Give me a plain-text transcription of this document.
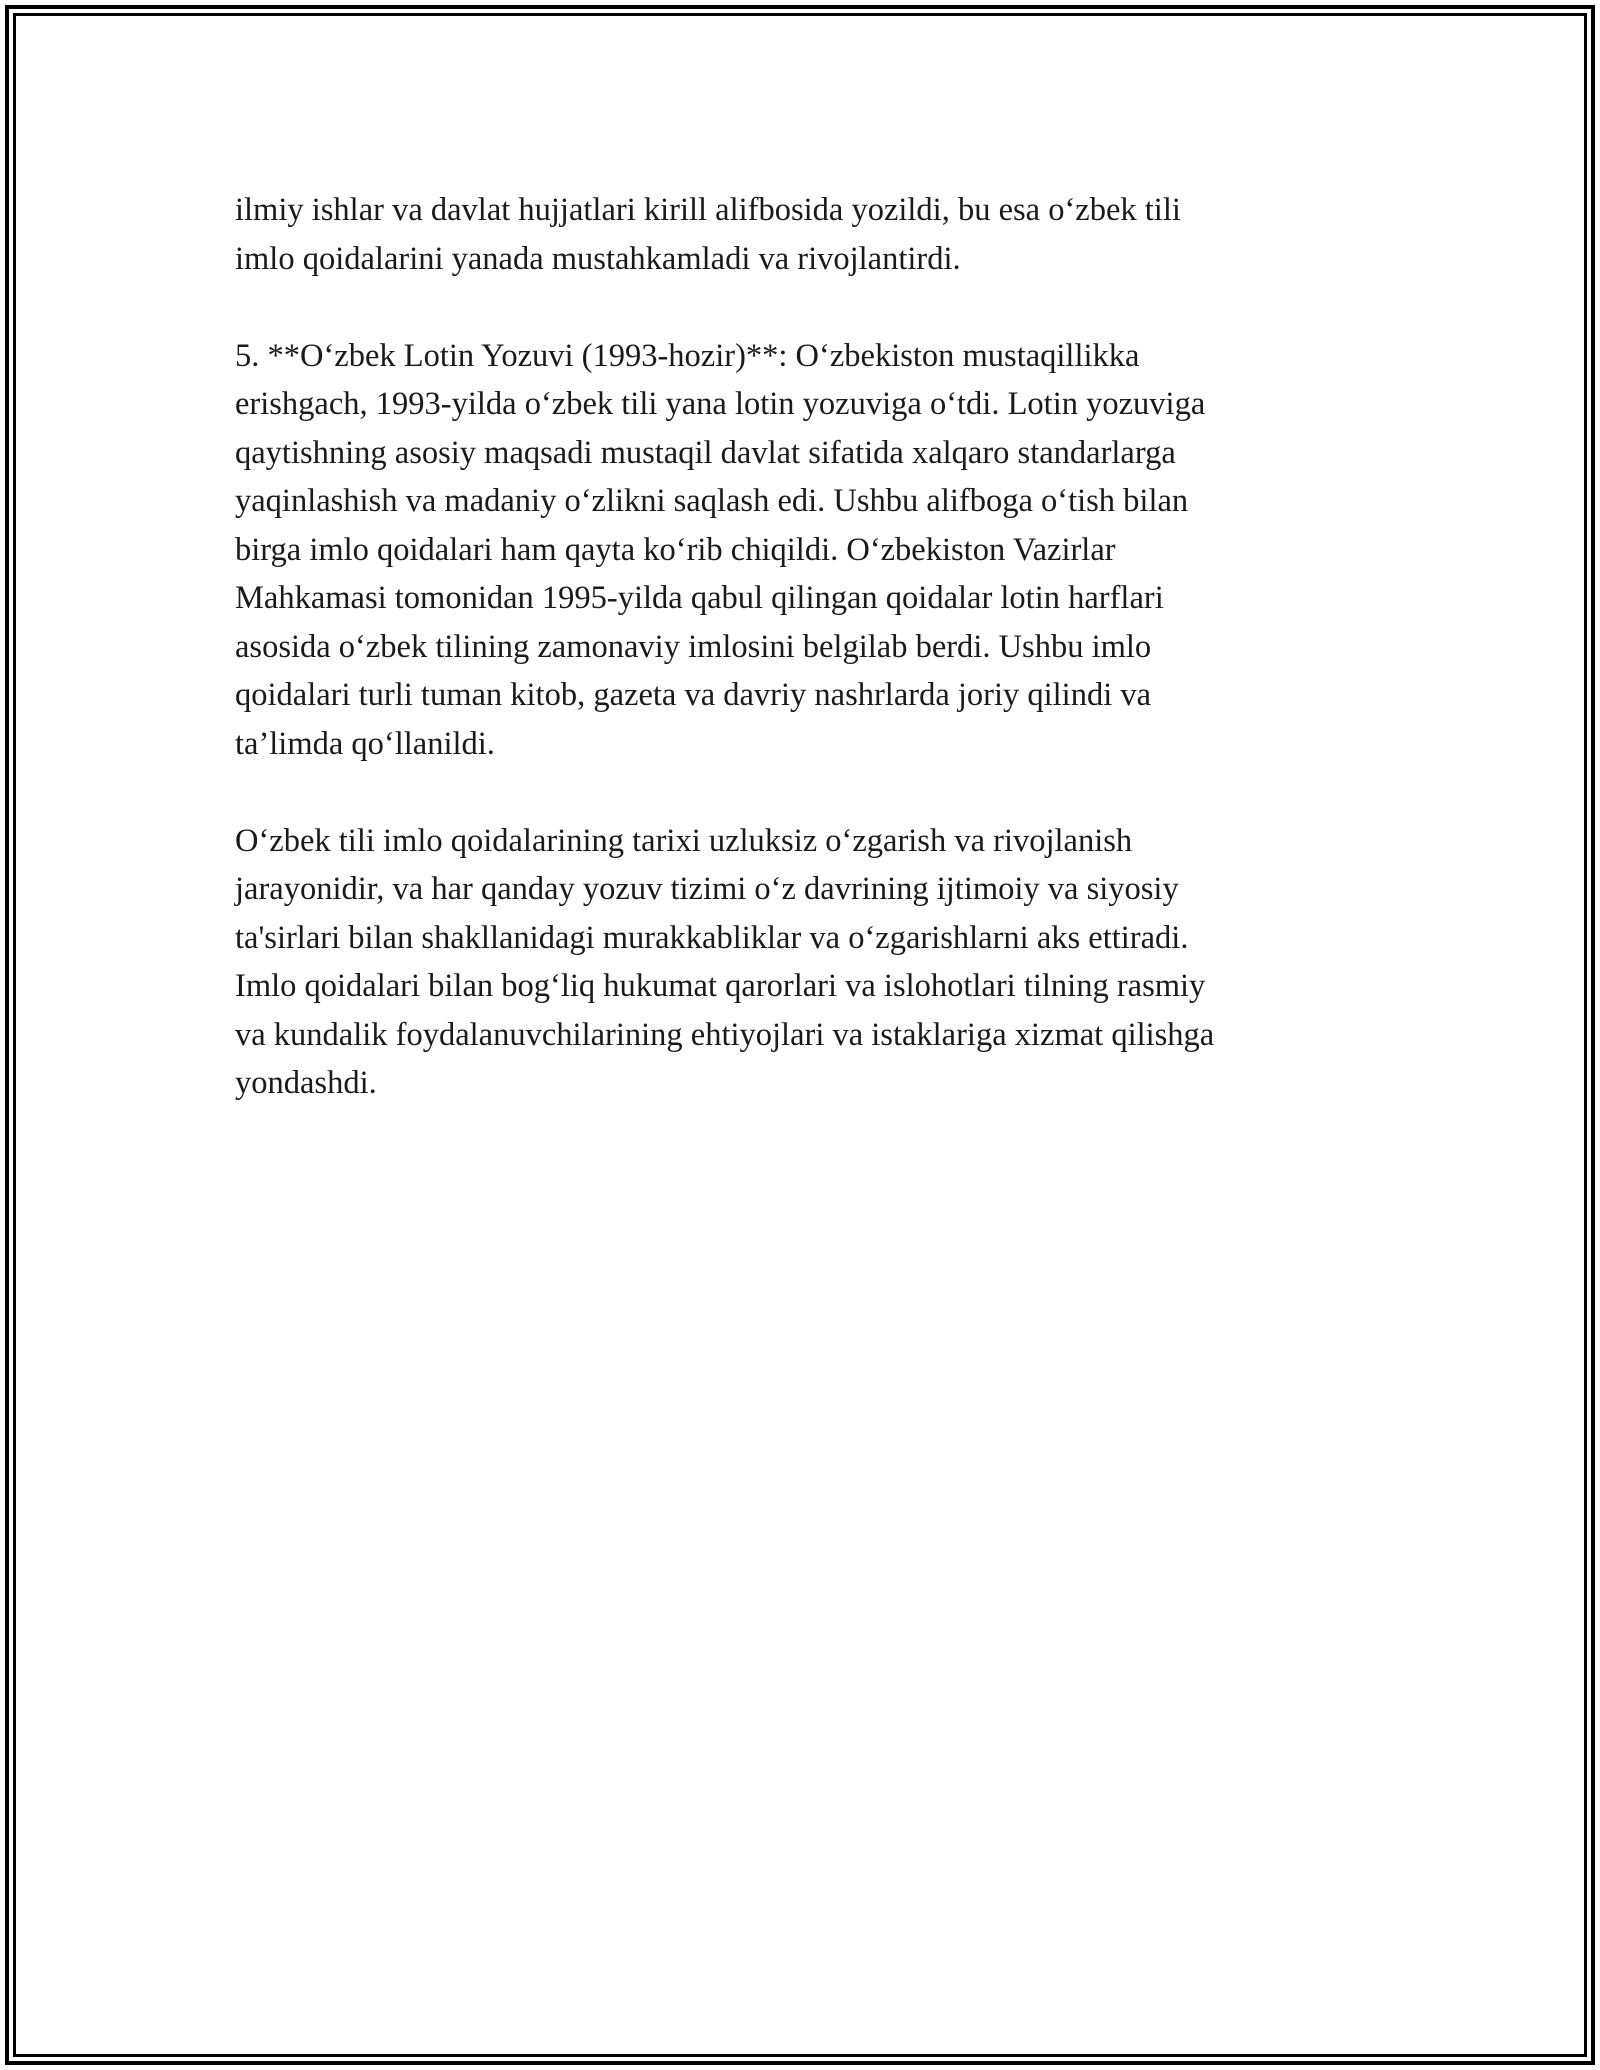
ilmiy ishlar va davlat hujjatlari kirill alifbosida yozildi, bu esa o‘zbek tili
imlo qoidalarini yanada mustahkamladi va rivojlantirdi.

5. **O‘zbek Lotin Yozuvi (1993-hozir)**: O‘zbekiston mustaqillikka
erishgach, 1993-yilda o‘zbek tili yana lotin yozuviga o‘tdi. Lotin yozuviga
qaytishning asosiy maqsadi mustaqil davlat sifatida xalqaro standarlarga
yaqinlashish va madaniy o‘zlikni saqlash edi. Ushbu alifboga o‘tish bilan
birga imlo qoidalari ham qayta ko‘rib chiqildi. O‘zbekiston Vazirlar
Mahkamasi tomonidan 1995-yilda qabul qilingan qoidalar lotin harflari
asosida o‘zbek tilining zamonaviy imlosini belgilab berdi. Ushbu imlo
qoidalari turli tuman kitob, gazeta va davriy nashrlarda joriy qilindi va
ta’limda qo‘llanildi.

O‘zbek tili imlo qoidalarining tarixi uzluksiz o‘zgarish va rivojlanish
jarayonidir, va har qanday yozuv tizimi o‘z davrining ijtimoiy va siyosiy
ta'sirlari bilan shakllanidagi murakkabliklar va o‘zgarishlarni aks ettiradi.
Imlo qoidalari bilan bog‘liq hukumat qarorlari va islohotlari tilning rasmiy
va kundalik foydalanuvchilarining ehtiyojlari va istaklariga xizmat qilishga
yondashdi.
